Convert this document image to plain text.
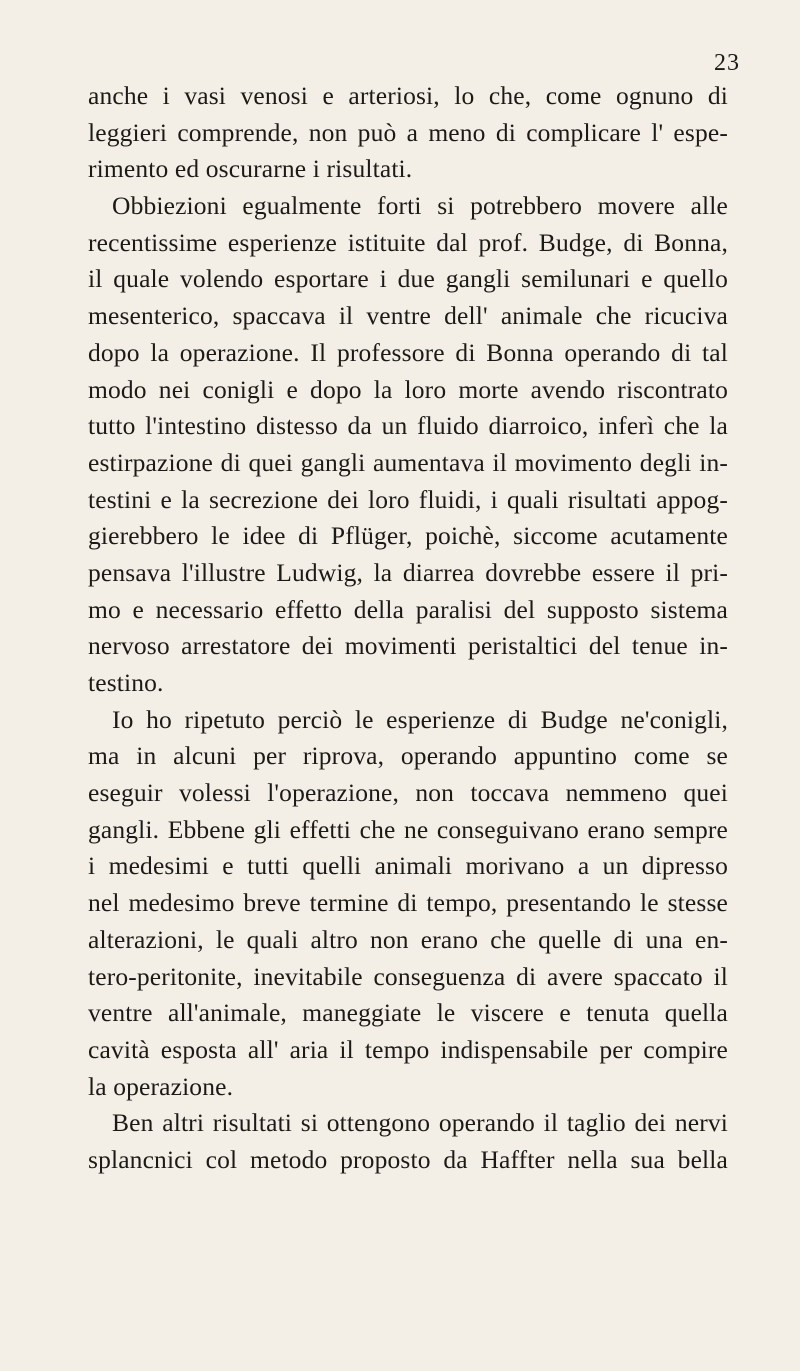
23
anche i vasi venosi e arteriosi, lo che, come ognuno di
leggieri comprende, non può a meno di complicare l' espe-
rimento ed oscurarne i risultati.
Obbiezioni egualmente forti si potrebbero movere alle
recentissime esperienze istituite dal prof. Budge, di Bonna,
il quale volendo esportare i due gangli semilunari e quello
mesenterico, spaccava il ventre dell' animale che ricuciva
dopo la operazione. Il professore di Bonna operando di tal
modo nei conigli e dopo la loro morte avendo riscontrato
tutto l'intestino distesso da un fluido diarroico, inferì che la
estirpazione di quei gangli aumentava il movimento degli in-
testini e la secrezione dei loro fluidi, i quali risultati appog-
gierebbero le idee di Pflüger, poichè, siccome acutamente
pensava l'illustre Ludwig, la diarrea dovrebbe essere il pri-
mo e necessario effetto della paralisi del supposto sistema
nervoso arrestatore dei movimenti peristaltici del tenue in-
testino.
Io ho ripetuto perciò le esperienze di Budge ne'conigli,
ma in alcuni per riprova, operando appuntino come se
eseguir volessi l'operazione, non toccava nemmeno quei
gangli. Ebbene gli effetti che ne conseguivano erano sempre
i medesimi e tutti quelli animali morivano a un dipresso
nel medesimo breve termine di tempo, presentando le stesse
alterazioni, le quali altro non erano che quelle di una en-
tero-peritonite, inevitabile conseguenza di avere spaccato il
ventre all'animale, maneggiate le viscere e tenuta quella
cavità esposta all' aria il tempo indispensabile per compire
la operazione.
Ben altri risultati si ottengono operando il taglio dei nervi
splancnici col metodo proposto da Haffter nella sua bella
